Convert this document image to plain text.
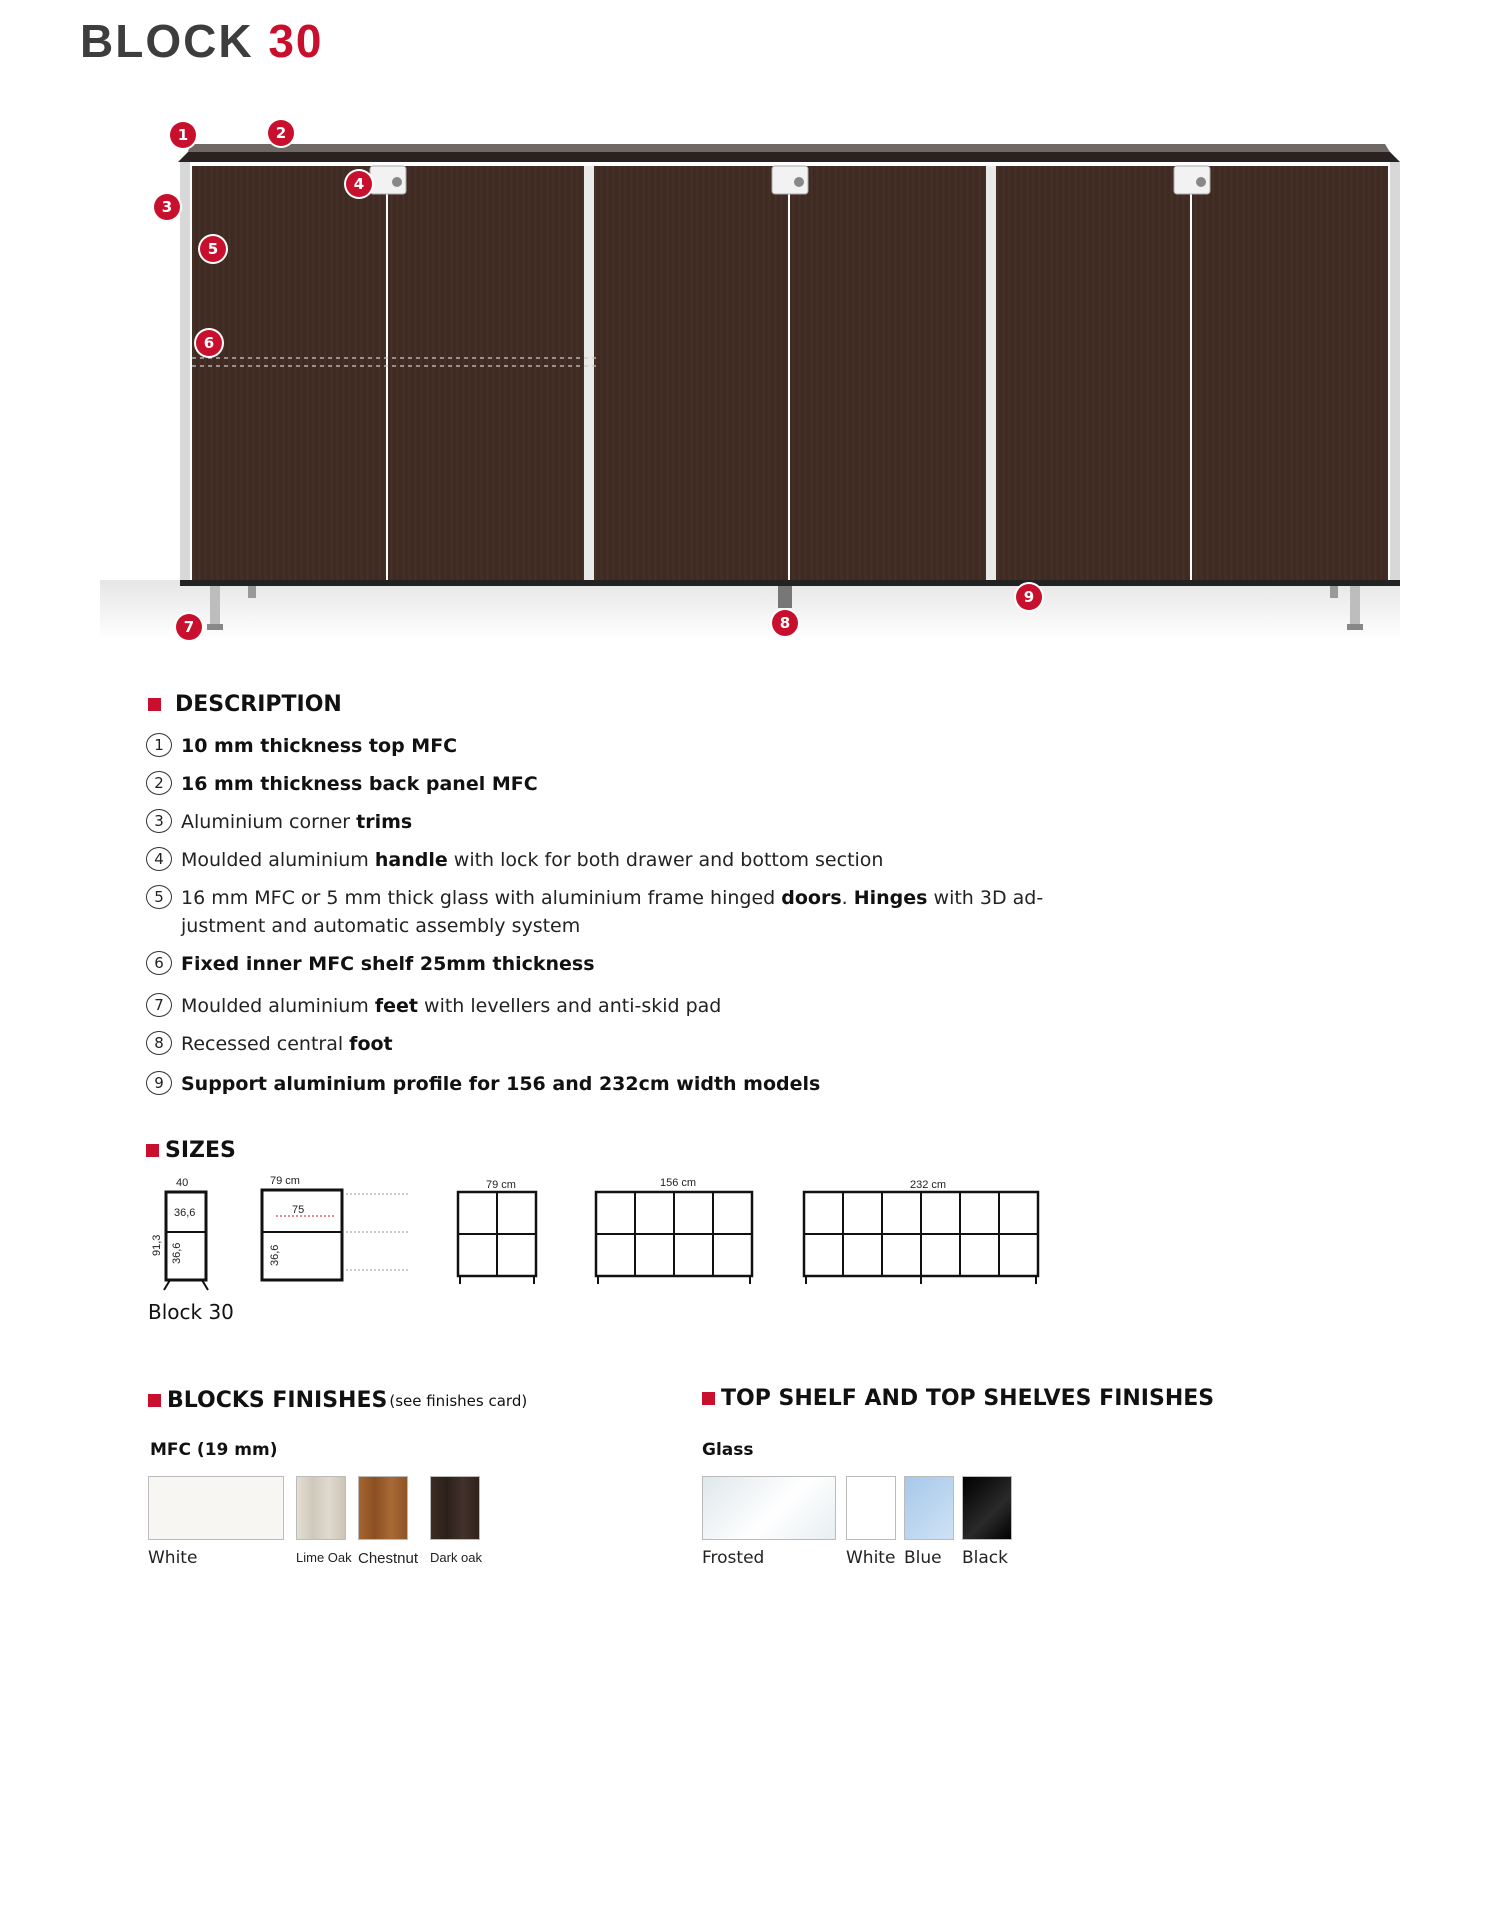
BLOCK 30
1	2
3
4
5
6
7	8
9
DESCRIPTION
1 10 mm thickness top MFC
2 16 mm thickness back panel MFC
3 Aluminium corner trims
4 Moulded aluminium handle with lock for both drawer and bottom section
5 16 mm MFC or 5 mm thick glass with aluminium frame hinged doors. Hinges with 3D ad- justment and automatic assembly system
6 Fixed inner MFC shelf 25mm thickness
7 Moulded aluminium feet with levellers and anti-skid pad
8 Recessed central foot
9 Support aluminium profile for 156 and 232cm width models
SIZES
40
36,6
91,3 36,6
79 cm
75
36,6
79 cm	156 cm	232 cm
Block 30
BLOCKS FINISHES (see finishes card)
MFC (19 mm)
White	Lime Oak Chestnut Dark oak
TOP SHELF AND TOP SHELVES FINISHES
Glass
Frosted	White Blue Black
